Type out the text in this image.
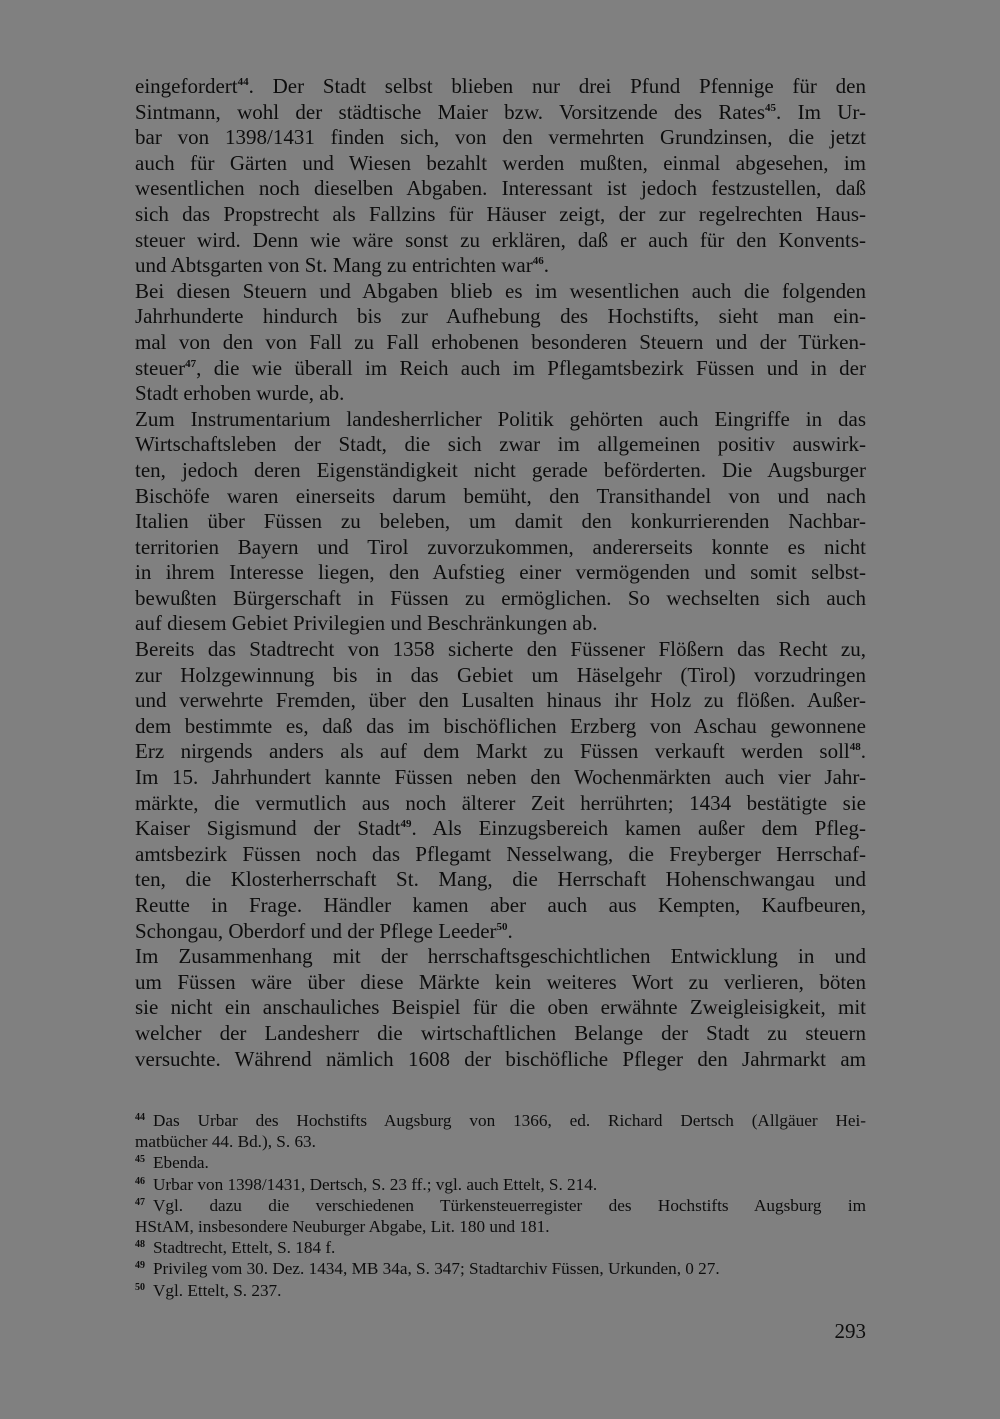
eingefordert$^{44}$. Der Stadt selbst blieben nur drei Pfund Pfennige für den
Sintmann, wohl der städtische Maier bzw. Vorsitzende des Rates$^{45}$. Im Ur-
bar von 1398/1431 finden sich, von den vermehrten Grundzinsen, die jetzt
auch für Gärten und Wiesen bezahlt werden mußten, einmal abgesehen, im
wesentlichen noch dieselben Abgaben. Interessant ist jedoch festzustellen, daß
sich das Propstrecht als Fallzins für Häuser zeigt, der zur regelrechten Haus-
steuer wird. Denn wie wäre sonst zu erklären, daß er auch für den Konvents-
und Abtsgarten von St. Mang zu entrichten war$^{46}$.
Bei diesen Steuern und Abgaben blieb es im wesentlichen auch die folgenden
Jahrhunderte hindurch bis zur Aufhebung des Hochstifts, sieht man ein-
mal von den von Fall zu Fall erhobenen besonderen Steuern und der Türken-
steuer$^{47}$, die wie überall im Reich auch im Pflegamtsbezirk Füssen und in der
Stadt erhoben wurde, ab.
Zum Instrumentarium landesherrlicher Politik gehörten auch Eingriffe in das
Wirtschaftsleben der Stadt, die sich zwar im allgemeinen positiv auswirk-
ten, jedoch deren Eigenständigkeit nicht gerade beförderten. Die Augsburger
Bischöfe waren einerseits darum bemüht, den Transithandel von und nach
Italien über Füssen zu beleben, um damit den konkurrierenden Nachbar-
territorien Bayern und Tirol zuvorzukommen, andererseits konnte es nicht
in ihrem Interesse liegen, den Aufstieg einer vermögenden und somit selbst-
bewußten Bürgerschaft in Füssen zu ermöglichen. So wechselten sich auch
auf diesem Gebiet Privilegien und Beschränkungen ab.
Bereits das Stadtrecht von 1358 sicherte den Füssener Flößern das Recht zu,
zur Holzgewinnung bis in das Gebiet um Häselgehr (Tirol) vorzudringen
und verwehrte Fremden, über den Lusalten hinaus ihr Holz zu flößen. Außer-
dem bestimmte es, daß das im bischöflichen Erzberg von Aschau gewonnene
Erz nirgends anders als auf dem Markt zu Füssen verkauft werden soll$^{48}$.
Im 15. Jahrhundert kannte Füssen neben den Wochenmärkten auch vier Jahr-
märkte, die vermutlich aus noch älterer Zeit herrührten; 1434 bestätigte sie
Kaiser Sigismund der Stadt$^{49}$. Als Einzugsbereich kamen außer dem Pfleg-
amtsbezirk Füssen noch das Pflegamt Nesselwang, die Freyberger Herrschaf-
ten, die Klosterherrschaft St. Mang, die Herrschaft Hohenschwangau und
Reutte in Frage. Händler kamen aber auch aus Kempten, Kaufbeuren,
Schongau, Oberdorf und der Pflege Leeder$^{50}$.
Im Zusammenhang mit der herrschaftsgeschichtlichen Entwicklung in und
um Füssen wäre über diese Märkte kein weiteres Wort zu verlieren, böten
sie nicht ein anschauliches Beispiel für die oben erwähnte Zweigleisigkeit, mit
welcher der Landesherr die wirtschaftlichen Belange der Stadt zu steuern
versuchte. Während nämlich 1608 der bischöfliche Pfleger den Jahrmarkt am
$^{44}$ Das Urbar des Hochstifts Augsburg von 1366, ed. Richard Dertsch (Allgäuer Hei-
matbücher 44. Bd.), S. 63.
$^{45}$ Ebenda.
$^{46}$ Urbar von 1398/1431, Dertsch, S. 23 ff.; vgl. auch Ettelt, S. 214.
$^{47}$ Vgl. dazu die verschiedenen Türkensteuerregister des Hochstifts Augsburg im
HStAM, insbesondere Neuburger Abgabe, Lit. 180 und 181.
$^{48}$ Stadtrecht, Ettelt, S. 184 f.
$^{49}$ Privileg vom 30. Dez. 1434, MB 34a, S. 347; Stadtarchiv Füssen, Urkunden, 0 27.
$^{50}$ Vgl. Ettelt, S. 237.
293
